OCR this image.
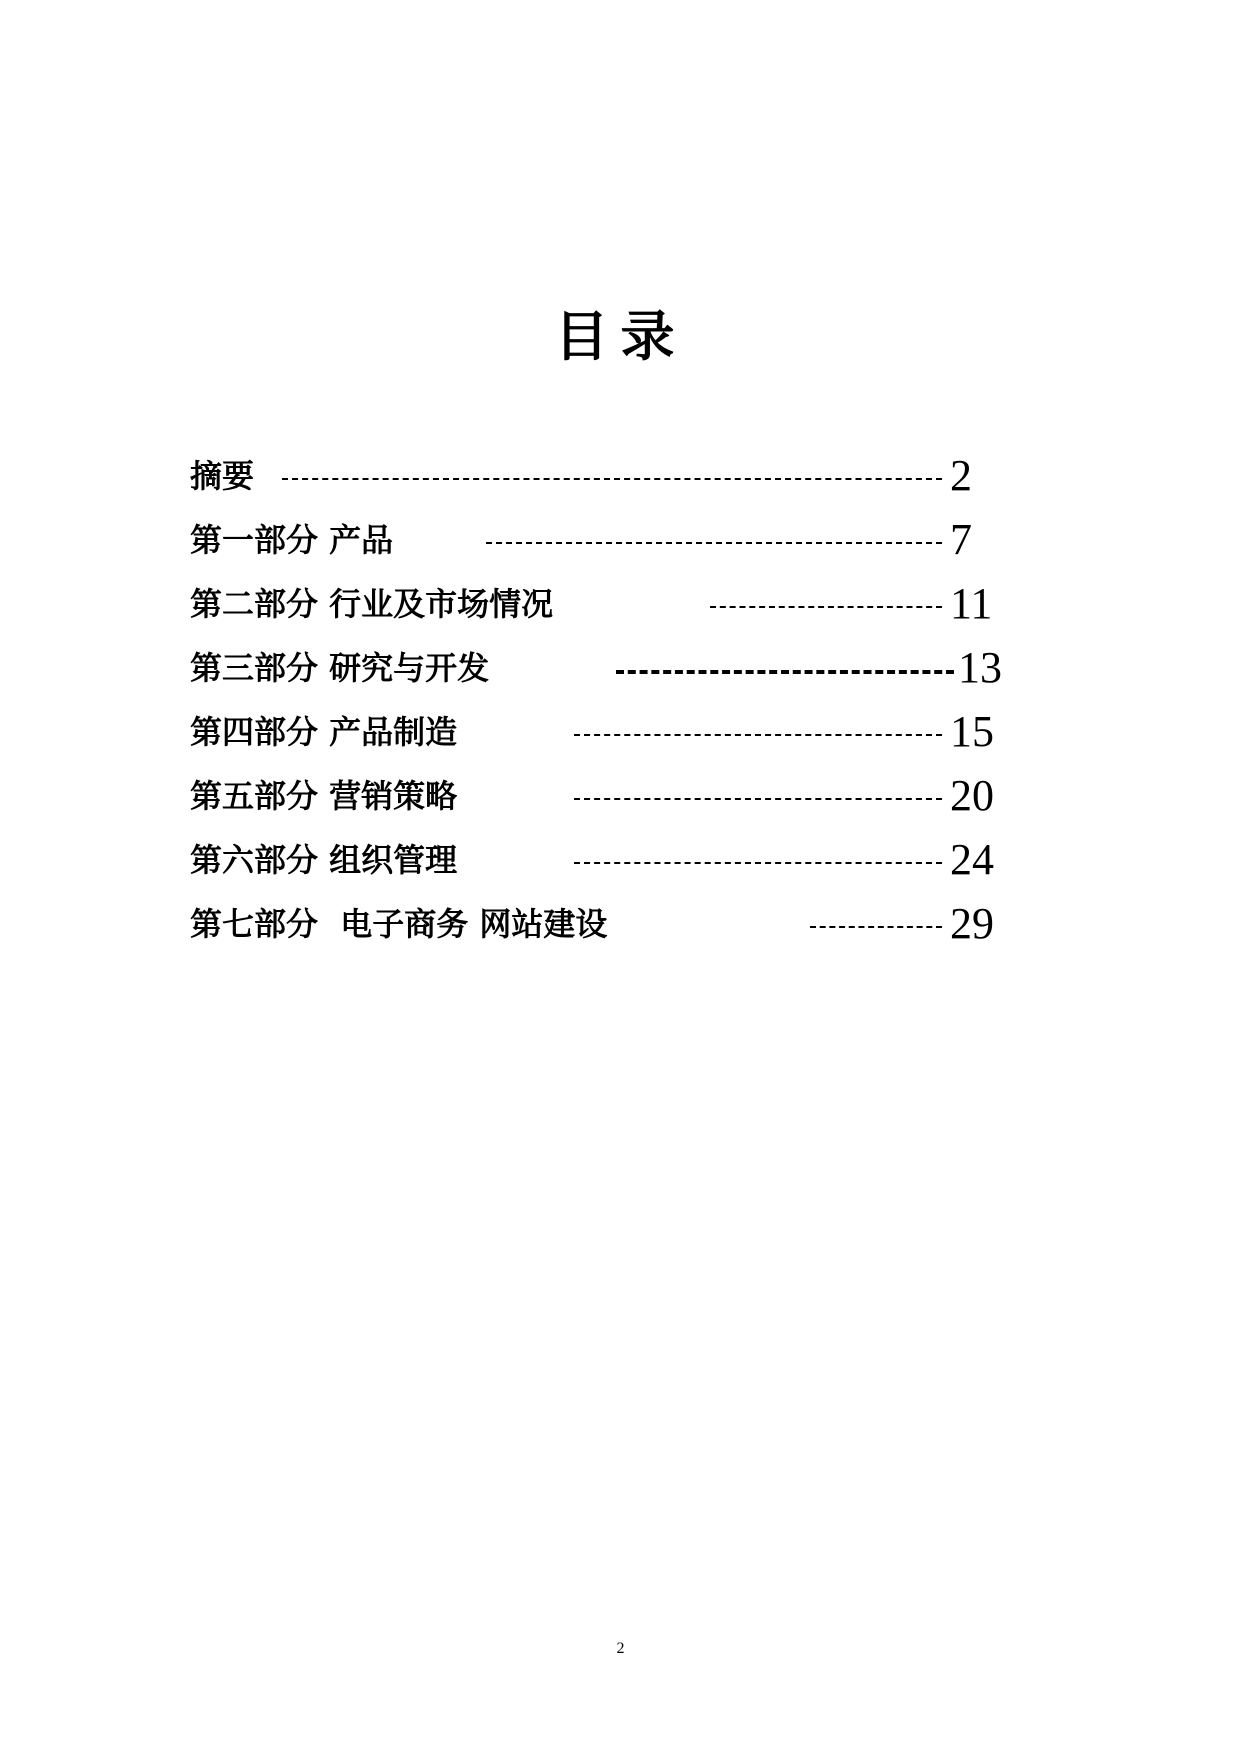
目录
摘要	2
第一部分 产品	7
第二部分 行业及市场情况	11
第三部分 研究与开发	13
第四部分 产品制造	15
第五部分 营销策略	20
第六部分 组织管理	24
第七部分  电子商务 网站建设	29
2
